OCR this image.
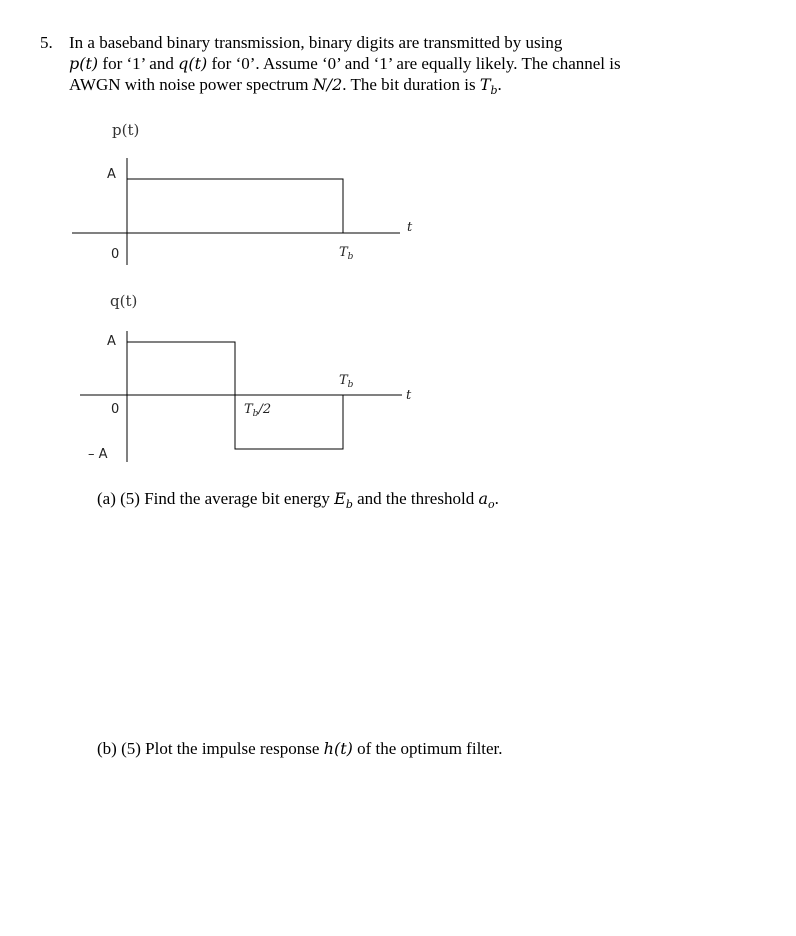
5. In a baseband binary transmission, binary digits are transmitted by using
p(t) for ‘1’ and q(t) for ‘0’. Assume ‘0’ and ‘1’ are equally likely. The channel is
AWGN with noise power spectrum N/2. The bit duration is $T_b$.
p(t)
A
0	$T_b$
t
q(t)
A
0
– A
$T_b/2$
$T_b$
t
(a) (5) Find the average bit energy $E_b$ and the threshold $a_o$.
(b) (5) Plot the impulse response h(t) of the optimum filter.
